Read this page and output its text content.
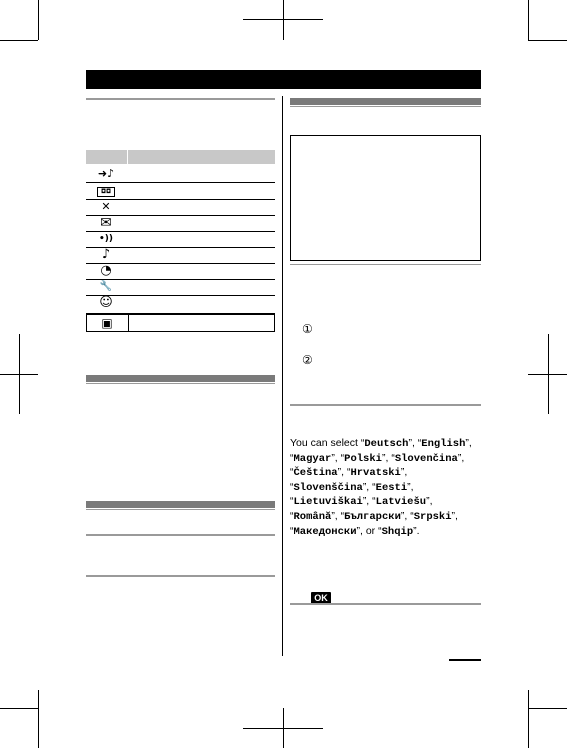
➜♪
◘◘
✕
✉
•))
♪
◔
🔧
☺
▣	①
②
You can select “Deutsch”, “English”,
“Magyar”, “Polski”, “Slovenčina”,
“Čeština”, “Hrvatski”,
“Slovenščina”, “Eesti”,
“Lietuviškai”, “Latviešu”,
“Română”, “Български”, “Srpski”,
“Македонски”, or “Shqip”.
OK
